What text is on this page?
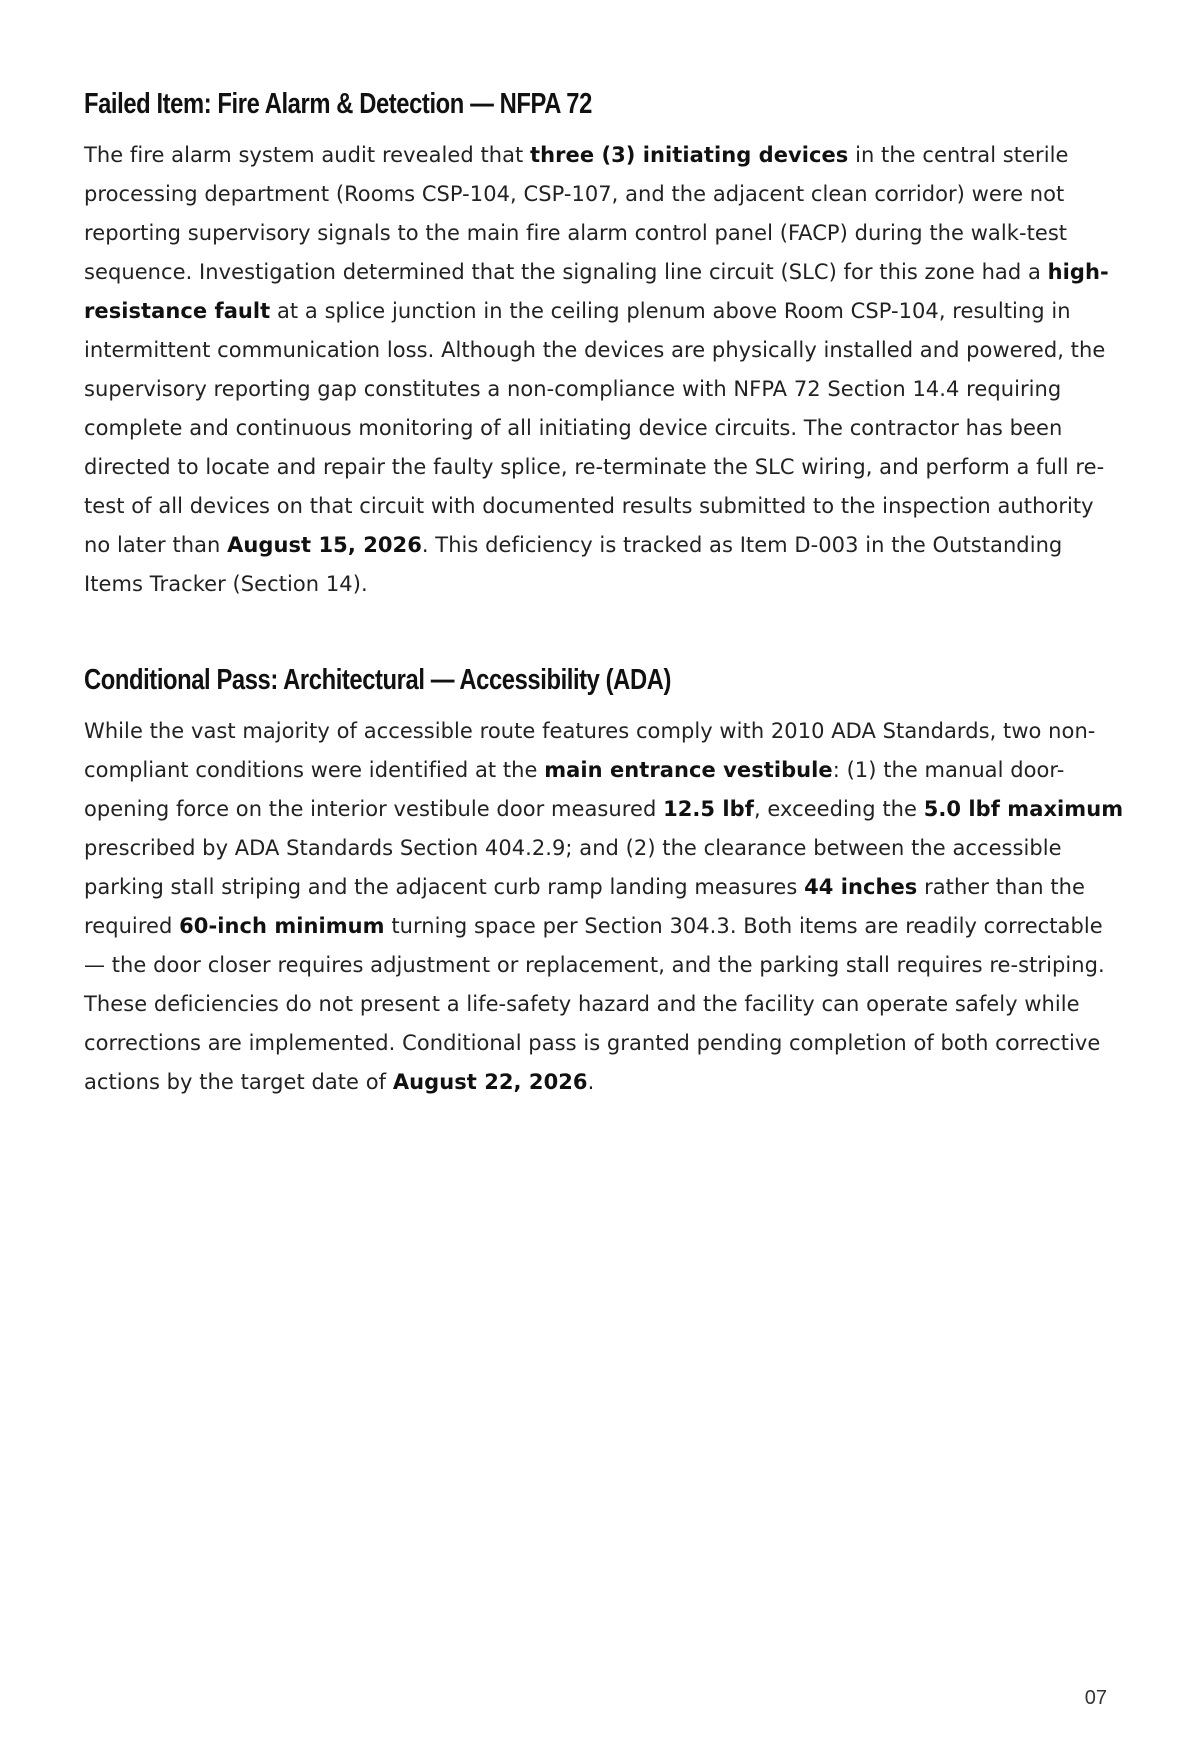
Failed Item: Fire Alarm & Detection — NFPA 72

The fire alarm system audit revealed that three (3) initiating devices in the central sterile processing department (Rooms CSP-104, CSP-107, and the adjacent clean corridor) were not reporting supervisory signals to the main fire alarm control panel (FACP) during the walk-test sequence. Investigation determined that the signaling line circuit (SLC) for this zone had a high-resistance fault at a splice junction in the ceiling plenum above Room CSP-104, resulting in intermittent communication loss. Although the devices are physically installed and powered, the supervisory reporting gap constitutes a non-compliance with NFPA 72 Section 14.4 requiring complete and continuous monitoring of all initiating device circuits. The contractor has been directed to locate and repair the faulty splice, re-terminate the SLC wiring, and perform a full re-test of all devices on that circuit with documented results submitted to the inspection authority no later than August 15, 2026. This deficiency is tracked as Item D-003 in the Outstanding Items Tracker (Section 14).

Conditional Pass: Architectural — Accessibility (ADA)

While the vast majority of accessible route features comply with 2010 ADA Standards, two non-compliant conditions were identified at the main entrance vestibule: (1) the manual door-opening force on the interior vestibule door measured 12.5 lbf, exceeding the 5.0 lbf maximum prescribed by ADA Standards Section 404.2.9; and (2) the clearance between the accessible parking stall striping and the adjacent curb ramp landing measures 44 inches rather than the required 60-inch minimum turning space per Section 304.3. Both items are readily correctable — the door closer requires adjustment or replacement, and the parking stall requires re-striping. These deficiencies do not present a life-safety hazard and the facility can operate safely while corrections are implemented. Conditional pass is granted pending completion of both corrective actions by the target date of August 22, 2026.

07
